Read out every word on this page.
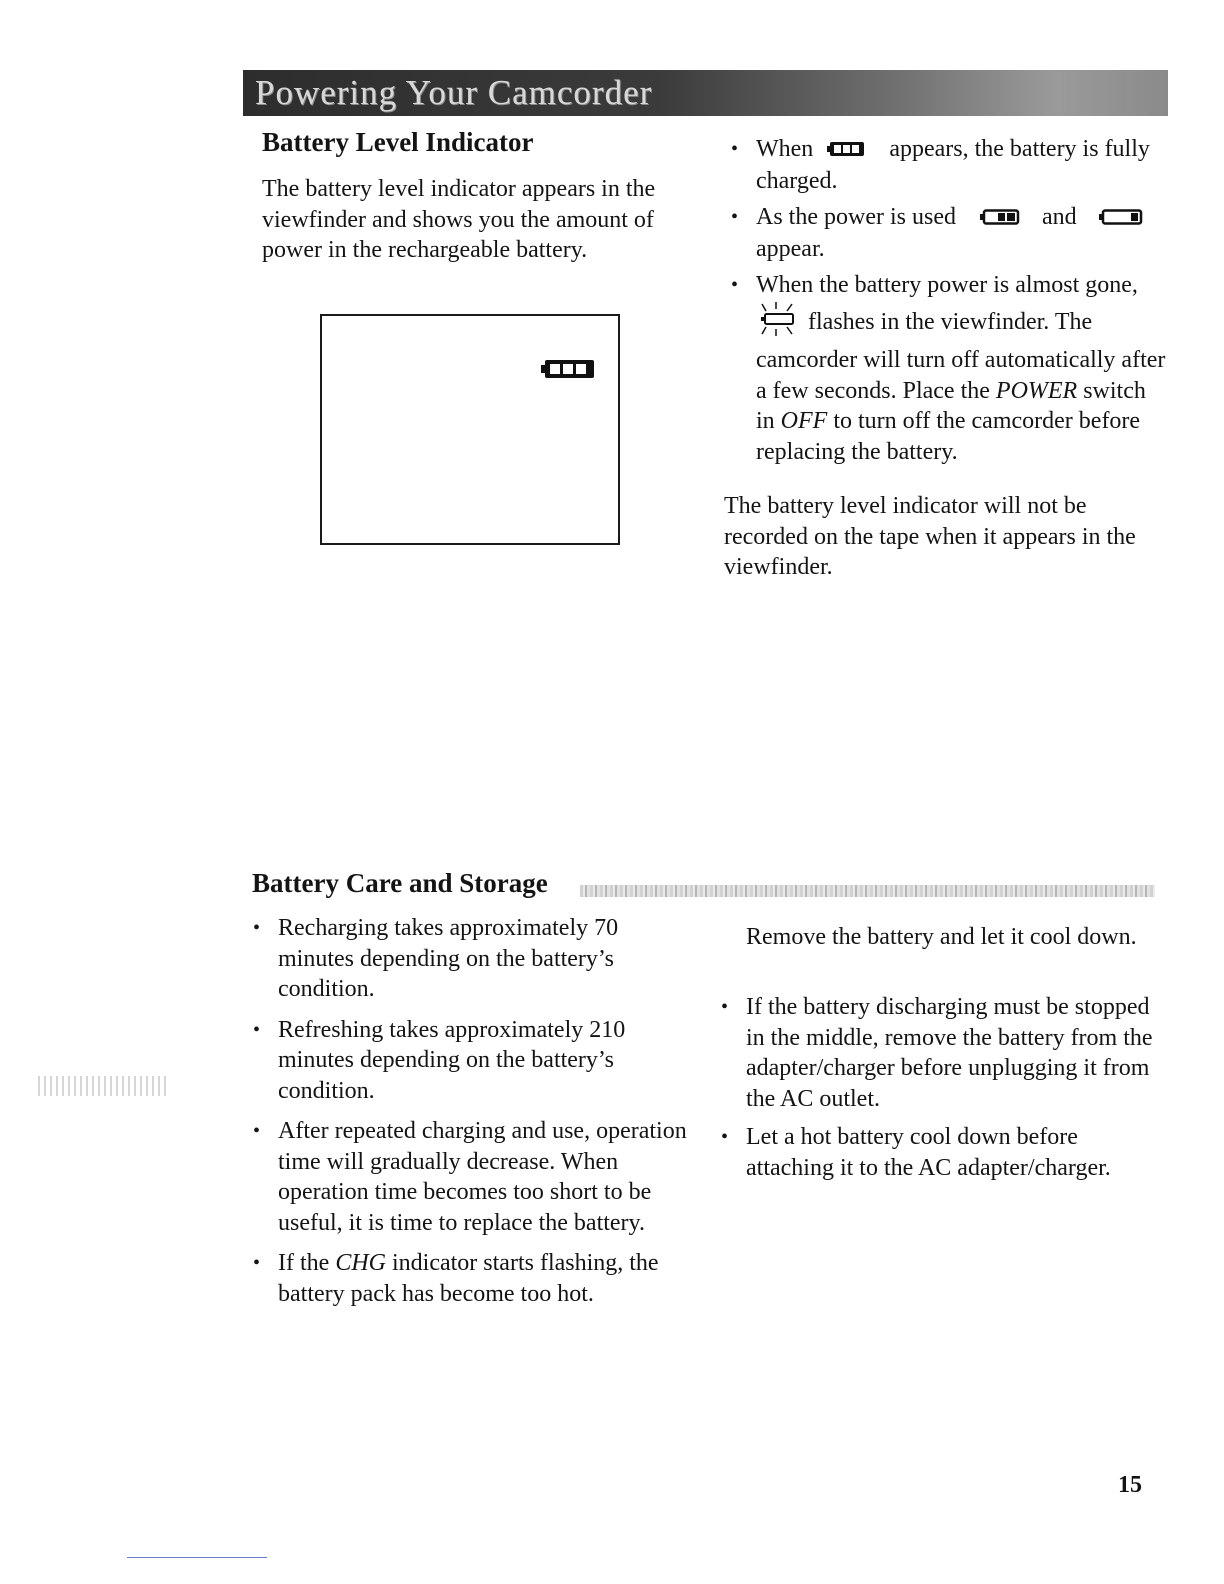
Powering Your Camcorder
Battery Level Indicator

The battery level indicator appears in the viewfinder and shows you the amount of power in the rechargeable battery.

• When	appears, the battery is fully charged.
• As the power is used	and
appear.
• When the battery power is almost gone,
flashes in the viewfinder. The camcorder will turn off automatically after a few seconds. Place the POWER switch in OFF to turn off the camcorder before replacing the battery.

The battery level indicator will not be recorded on the tape when it appears in the viewfinder.

Battery Care and Storage
• Recharging takes approximately 70 minutes depending on the battery’s condition.
• Refreshing takes approximately 210 minutes depending on the battery’s condition.
• After repeated charging and use, operation time will gradually decrease. When operation time becomes too short to be useful, it is time to replace the battery.
• If the CHG indicator starts flashing, the battery pack has become too hot.

Remove the battery and let it cool down.

• If the battery discharging must be stopped in the middle, remove the battery from the adapter/charger before unplugging it from the AC outlet.
• Let a hot battery cool down before attaching it to the AC adapter/charger.
15
